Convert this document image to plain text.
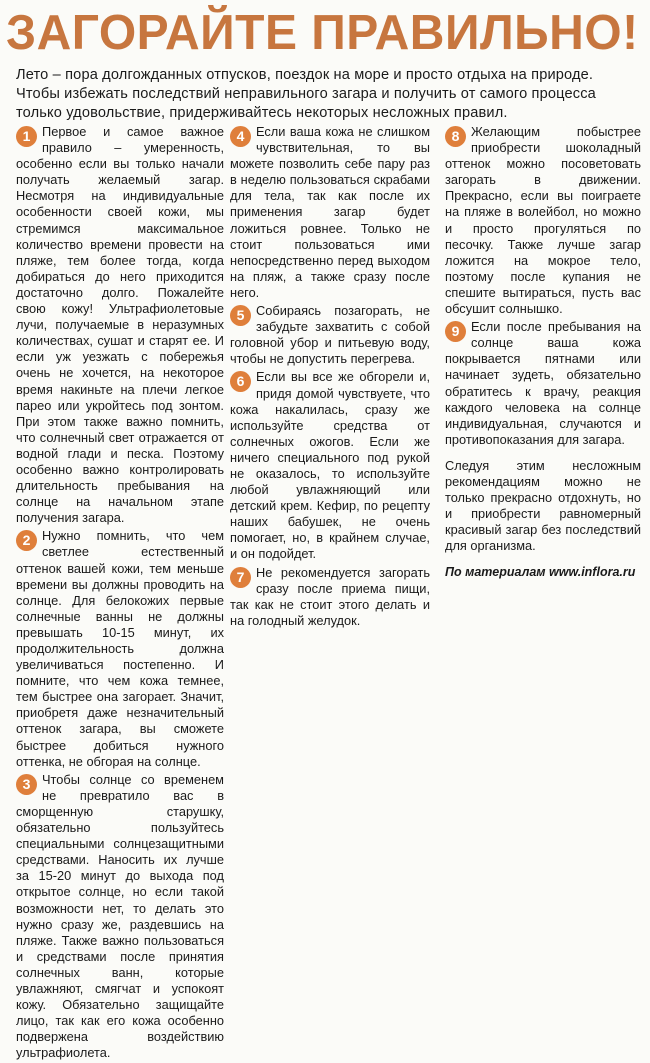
ЗАГОРАЙТЕ ПРАВИЛЬНО!
Лето – пора долгожданных отпусков, поездок на море и просто отдыха на природе. Чтобы избежать последствий неправильного загара и получить от самого процесса только удовольствие, придерживайтесь некоторых несложных правил.

1 Первое и самое важное правило – умеренность, особенно если вы только начали получать желаемый загар. Несмотря на индивидуальные особенности своей кожи, мы стремимся максимальное количество времени провести на пляже, тем более тогда, когда добираться до него приходится достаточно долго. Пожалейте свою кожу! Ультрафиолетовые лучи, получаемые в неразумных количествах, сушат и старят ее. И если уж уезжать с побережья очень не хочется, на некоторое время накиньте на плечи легкое парео или укройтесь под зонтом. При этом также важно помнить, что солнечный свет отражается от водной глади и песка. Поэтому особенно важно контролировать длительность пребывания на солнце на начальном этапе получения загара.

2 Нужно помнить, что чем светлее естественный оттенок вашей кожи, тем меньше времени вы должны проводить на солнце. Для белокожих первые солнечные ванны не должны превышать 10-15 минут, их продолжительность должна увеличиваться постепенно. И помните, что чем кожа темнее, тем быстрее она загорает. Значит, приобретя даже незначительный оттенок загара, вы сможете быстрее добиться нужного оттенка, не обгорая на солнце.

3 Чтобы солнце со временем не превратило вас в сморщенную старушку, обязательно пользуйтесь специальными солнцезащитными средствами. Наносить их лучше за 15-20 минут до выхода под открытое солнце, но если такой возможности нет, то делать это нужно сразу же, раздевшись на пляже. Также важно пользоваться и средствами после принятия солнечных ванн, которые увлажняют, смягчат и успокоят кожу. Обязательно защищайте лицо, так как его кожа особенно подвержена воздействию ультрафиолета.

4 Если ваша кожа не слишком чувствительная, то вы можете позволить себе пару раз в неделю пользоваться скрабами для тела, так как после их применения загар будет ложиться ровнее. Только не стоит пользоваться ими непосредственно перед выходом на пляж, а также сразу после него.

5 Собираясь позагорать, не забудьте захватить с собой головной убор и питьевую воду, чтобы не допустить перегрева.

6 Если вы все же обгорели и, придя домой чувствуете, что кожа накалилась, сразу же используйте средства от солнечных ожогов. Если же ничего специального под рукой не оказалось, то используйте любой увлажняющий или детский крем. Кефир, по рецепту наших бабушек, не очень помогает, но, в крайнем случае, и он подойдет.

7 Не рекомендуется загорать сразу после приема пищи, так как не стоит этого делать и на голодный желудок.

8 Желающим побыстрее приобрести шоколадный оттенок можно посоветовать загорать в движении. Прекрасно, если вы поиграете на пляже в волейбол, но можно и просто прогуляться по песочку. Также лучше загар ложится на мокрое тело, поэтому после купания не спешите вытираться, пусть вас обсушит солнышко.

9 Если после пребывания на солнце ваша кожа покрывается пятнами или начинает зудеть, обязательно обратитесь к врачу, реакция каждого человека на солнце индивидуальная, случаются и противопоказания для загара.

Следуя этим несложным рекомендациям можно не только прекрасно отдохнуть, но и приобрести равномерный красивый загар без последствий для организма.

По материалам www.inflora.ru
